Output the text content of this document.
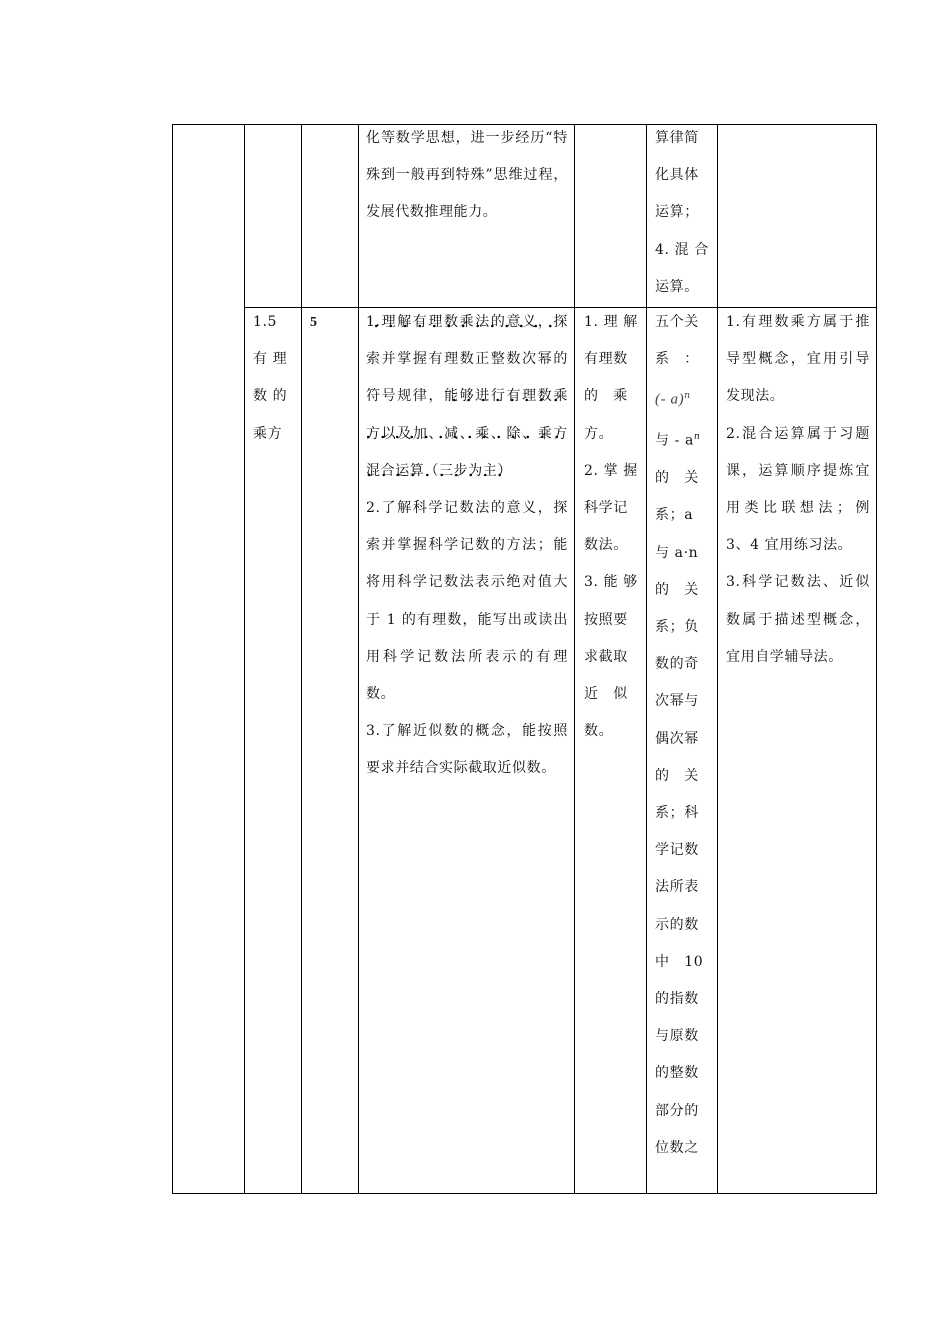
化等数学思想，进一步经历“特殊到一般再到特殊”思维过程，发展代数推理能力。
算律简
化具体
运算；
4. 混 合
运算。
1.5
有 理
数 的
乘方
5	1.理解有理数乘法的意义，探索并掌握有理数正整数次幂的符号规律，能够进行有理数乘方以及加、减、乘、除、乘方混合运算（三步为主）
2.了解科学记数法的意义，探索并掌握科学记数的方法；能将用科学记数法表示绝对值大于 1 的有理数，能写出或读出用科学记数法所表示的有理数。
3.了解近似数的概念，能按照要求并结合实际截取近似数。
1. 理 解
有理数
的　乘
方。
2. 掌 握
科学记
数法。
3. 能 够
按照要
求截取
近　似
数。
五个关
系　：
(- a)$^n$
与 - $a^n$
的　关
系；a
与 a·n
的　关
系；负
数的奇
次幂与
偶次幂
的　关
系；科
学记数
法所表
示的数
中　10
的指数
与原数
的整数
部分的
位数之
1.有理数乘方属于推导型概念，宜用引导发现法。
2.混合运算属于习题课，运算顺序提炼宜用类比联想法；例 3、4 宜用练习法。
3.科学记数法、近似数属于描述型概念，宜用自学辅导法。
